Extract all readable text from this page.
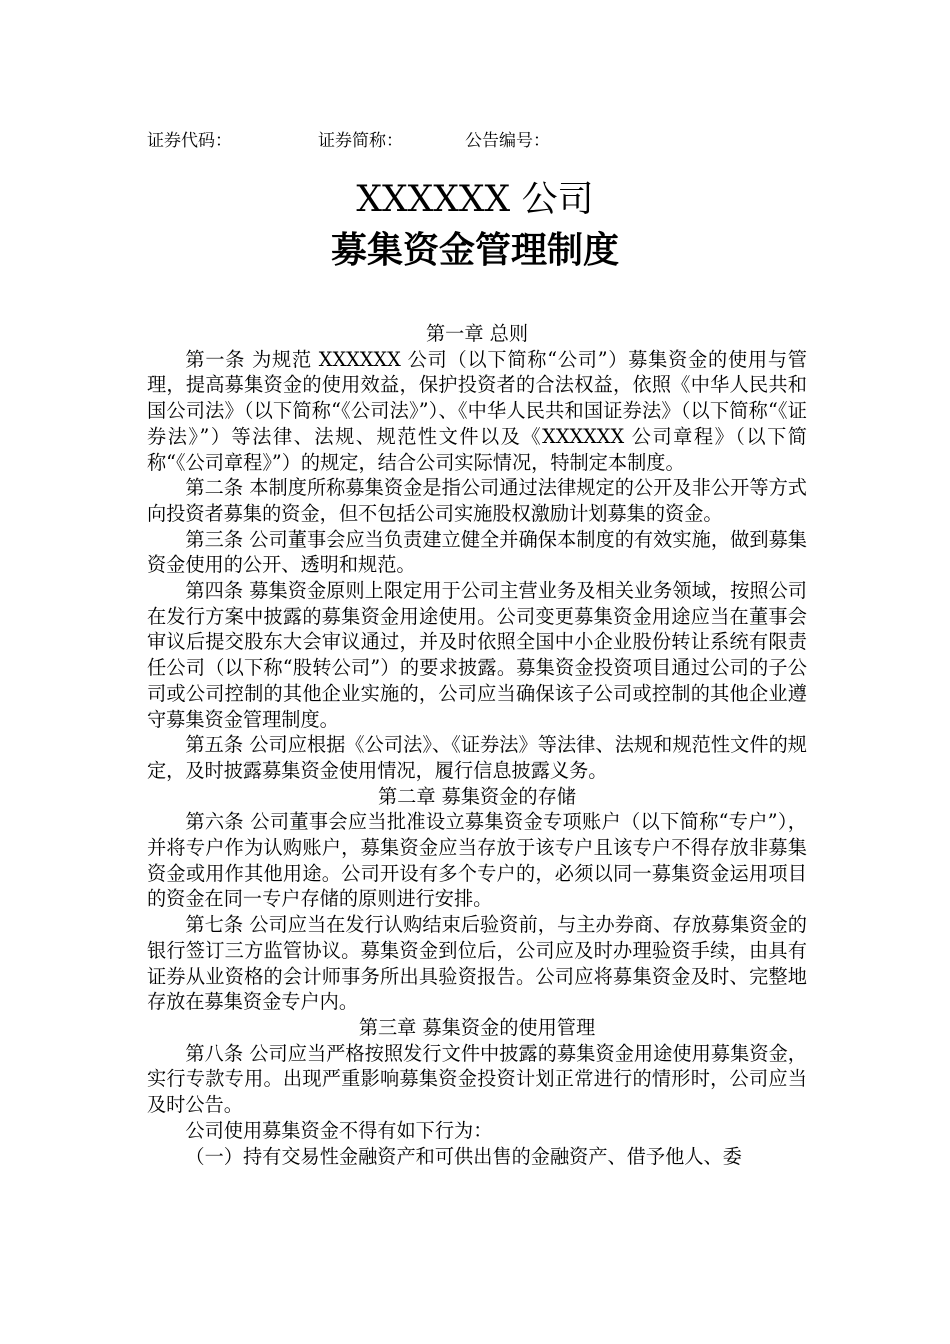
证券代码：	证券简称：	公告编号：
XXXXXX 公司
募集资金管理制度
第一章 总则

第一条 为规范 XXXXXX 公司（以下简称“公司”）募集资金的使用与管理，提高募集资金的使用效益，保护投资者的合法权益，依照《中华人民共和国公司法》（以下简称“《公司法》”）、《中华人民共和国证券法》（以下简称“《证券法》”）等法律、法规、规范性文件以及《XXXXXX 公司章程》（以下简称“《公司章程》”）的规定，结合公司实际情况，特制定本制度。

第二条 本制度所称募集资金是指公司通过法律规定的公开及非公开等方式向投资者募集的资金，但不包括公司实施股权激励计划募集的资金。

第三条 公司董事会应当负责建立健全并确保本制度的有效实施，做到募集资金使用的公开、透明和规范。

第四条 募集资金原则上限定用于公司主营业务及相关业务领域，按照公司在发行方案中披露的募集资金用途使用。公司变更募集资金用途应当在董事会审议后提交股东大会审议通过，并及时依照全国中小企业股份转让系统有限责任公司（以下称“股转公司”）的要求披露。募集资金投资项目通过公司的子公司或公司控制的其他企业实施的，公司应当确保该子公司或控制的其他企业遵守募集资金管理制度。

第五条 公司应根据《公司法》、《证券法》等法律、法规和规范性文件的规定，及时披露募集资金使用情况，履行信息披露义务。

第二章 募集资金的存储

第六条 公司董事会应当批准设立募集资金专项账户（以下简称“专户”），并将专户作为认购账户，募集资金应当存放于该专户且该专户不得存放非募集资金或用作其他用途。公司开设有多个专户的，必须以同一募集资金运用项目的资金在同一专户存储的原则进行安排。

第七条 公司应当在发行认购结束后验资前，与主办券商、存放募集资金的银行签订三方监管协议。募集资金到位后，公司应及时办理验资手续，由具有证券从业资格的会计师事务所出具验资报告。公司应将募集资金及时、完整地存放在募集资金专户内。

第三章 募集资金的使用管理

第八条 公司应当严格按照发行文件中披露的募集资金用途使用募集资金，实行专款专用。出现严重影响募集资金投资计划正常进行的情形时，公司应当及时公告。

公司使用募集资金不得有如下行为：

（一）持有交易性金融资产和可供出售的金融资产、借予他人、委
